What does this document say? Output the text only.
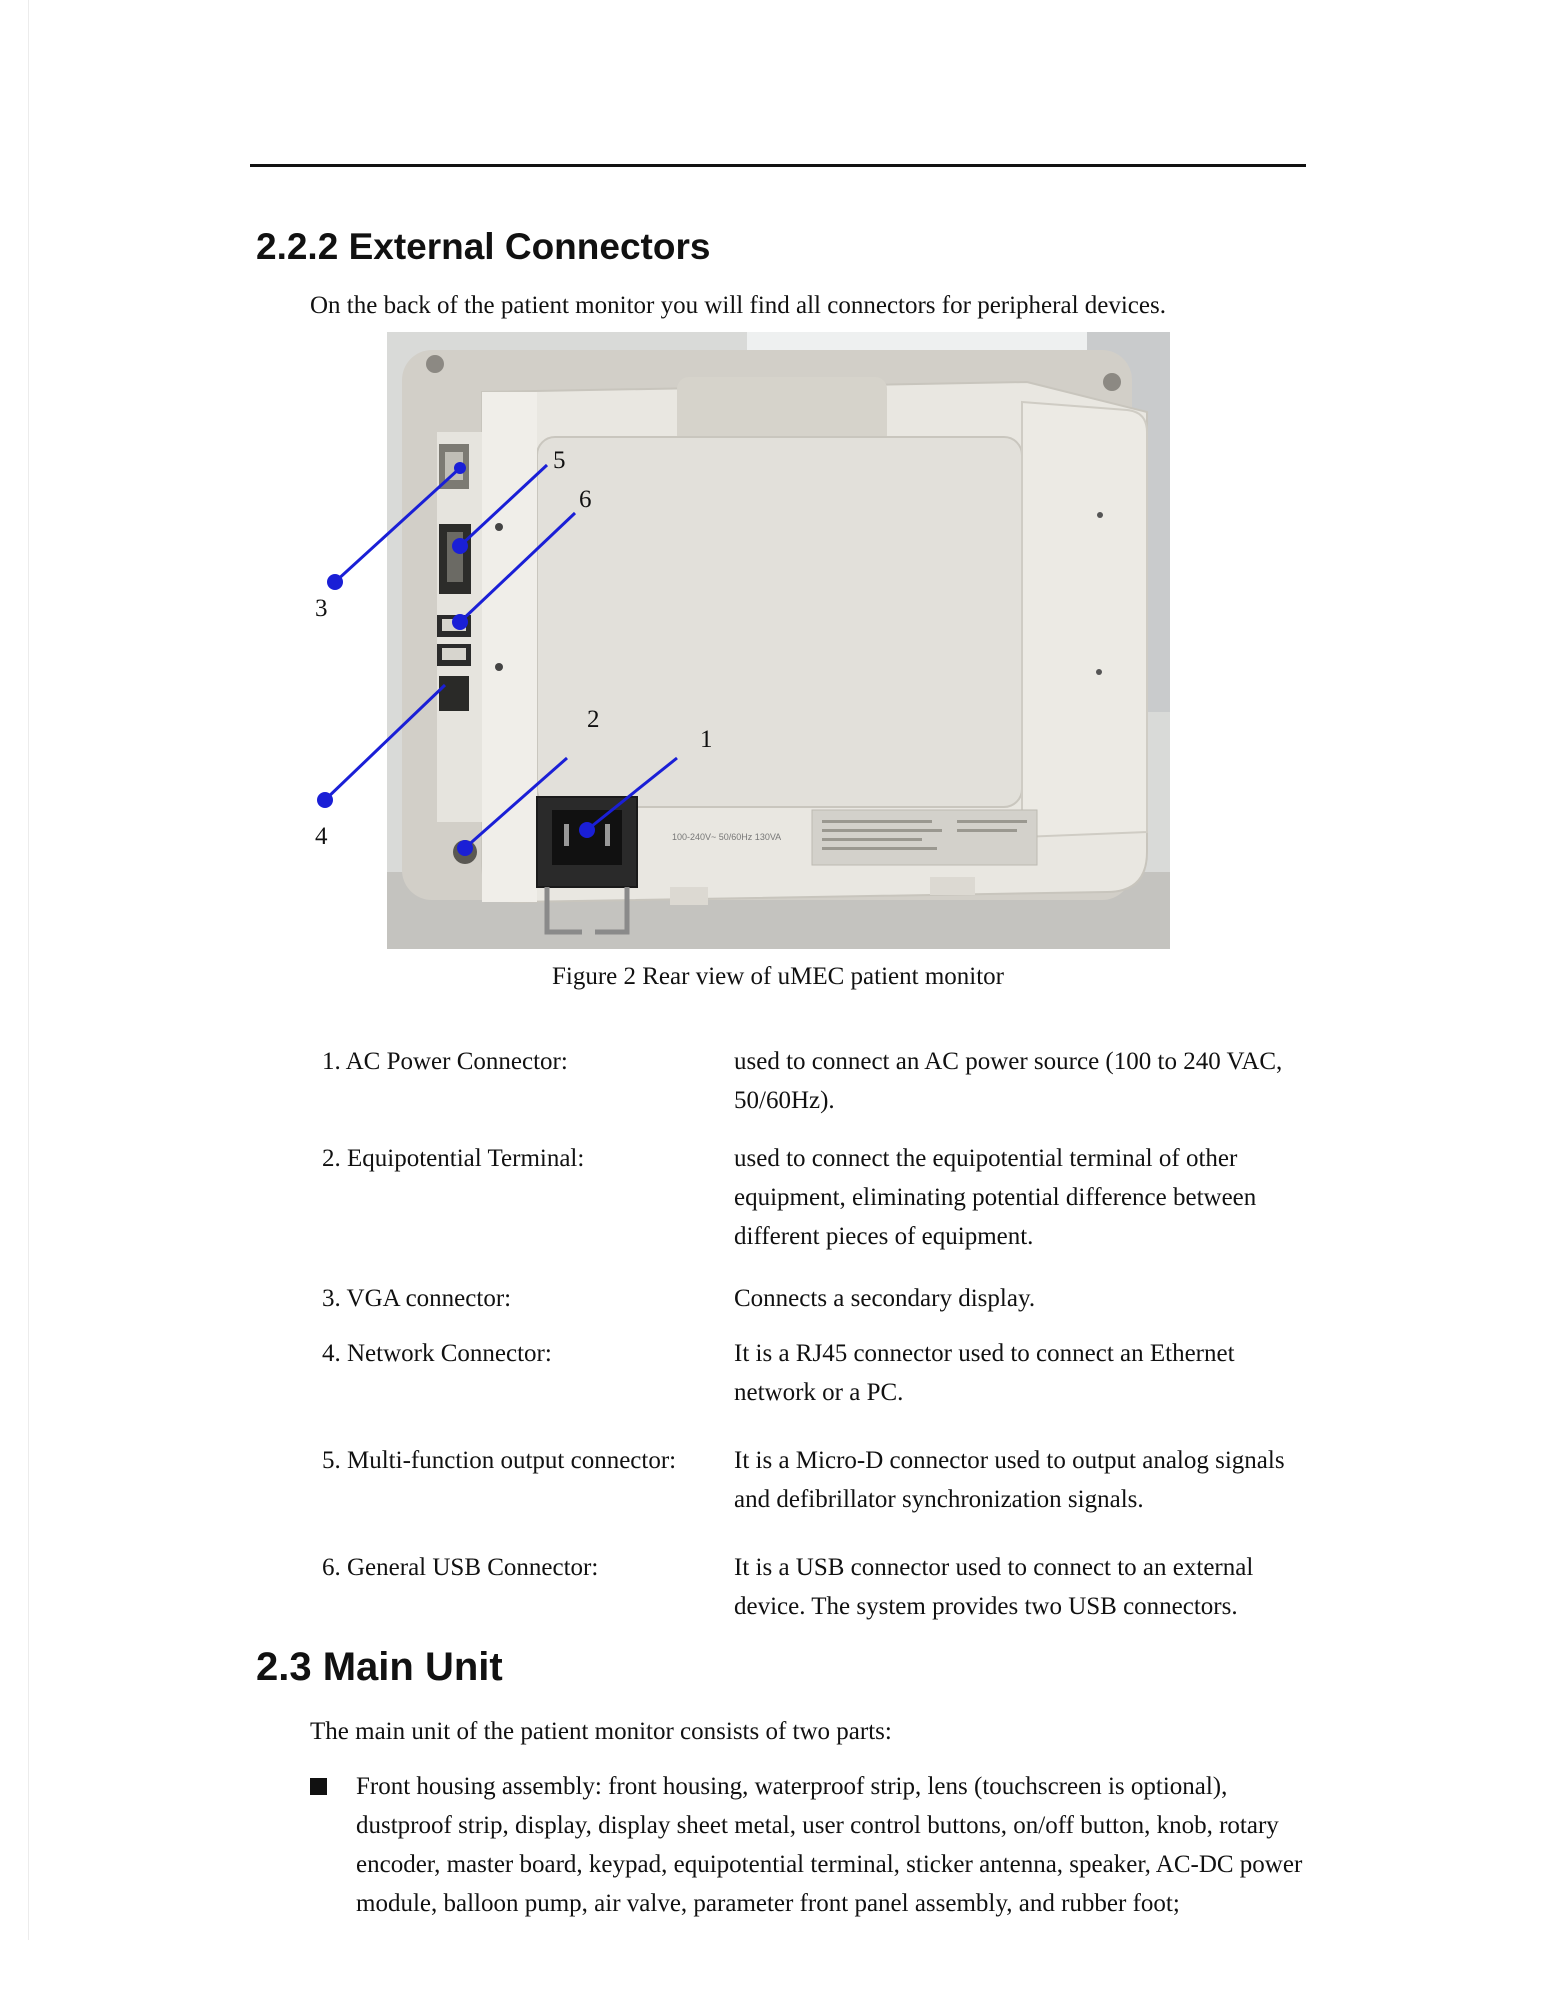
2.2.2 External Connectors

On the back of the patient monitor you will find all connectors for peripheral devices.

100-240V~ 50/60Hz 130VA
1
2
3
4
5
6
Figure 2 Rear view of uMEC patient monitor
1. AC Power Connector:	used to connect an AC power source (100 to 240 VAC, 50/60Hz).
2. Equipotential Terminal:	used to connect the equipotential terminal of other equipment, eliminating potential difference between different pieces of equipment.
3. VGA connector:	Connects a secondary display.
4. Network Connector:	It is a RJ45 connector used to connect an Ethernet network or a PC.
5. Multi-function output connector:	It is a Micro-D connector used to output analog signals and defibrillator synchronization signals.
6. General USB Connector:	It is a USB connector used to connect to an external device. The system provides two USB connectors.
2.3 Main Unit

The main unit of the patient monitor consists of two parts:

Front housing assembly: front housing, waterproof strip, lens (touchscreen is optional), dustproof strip, display, display sheet metal, user control buttons, on/off button, knob, rotary encoder, master board, keypad, equipotential terminal, sticker antenna, speaker, AC-DC power module, balloon pump, air valve, parameter front panel assembly, and rubber foot;
